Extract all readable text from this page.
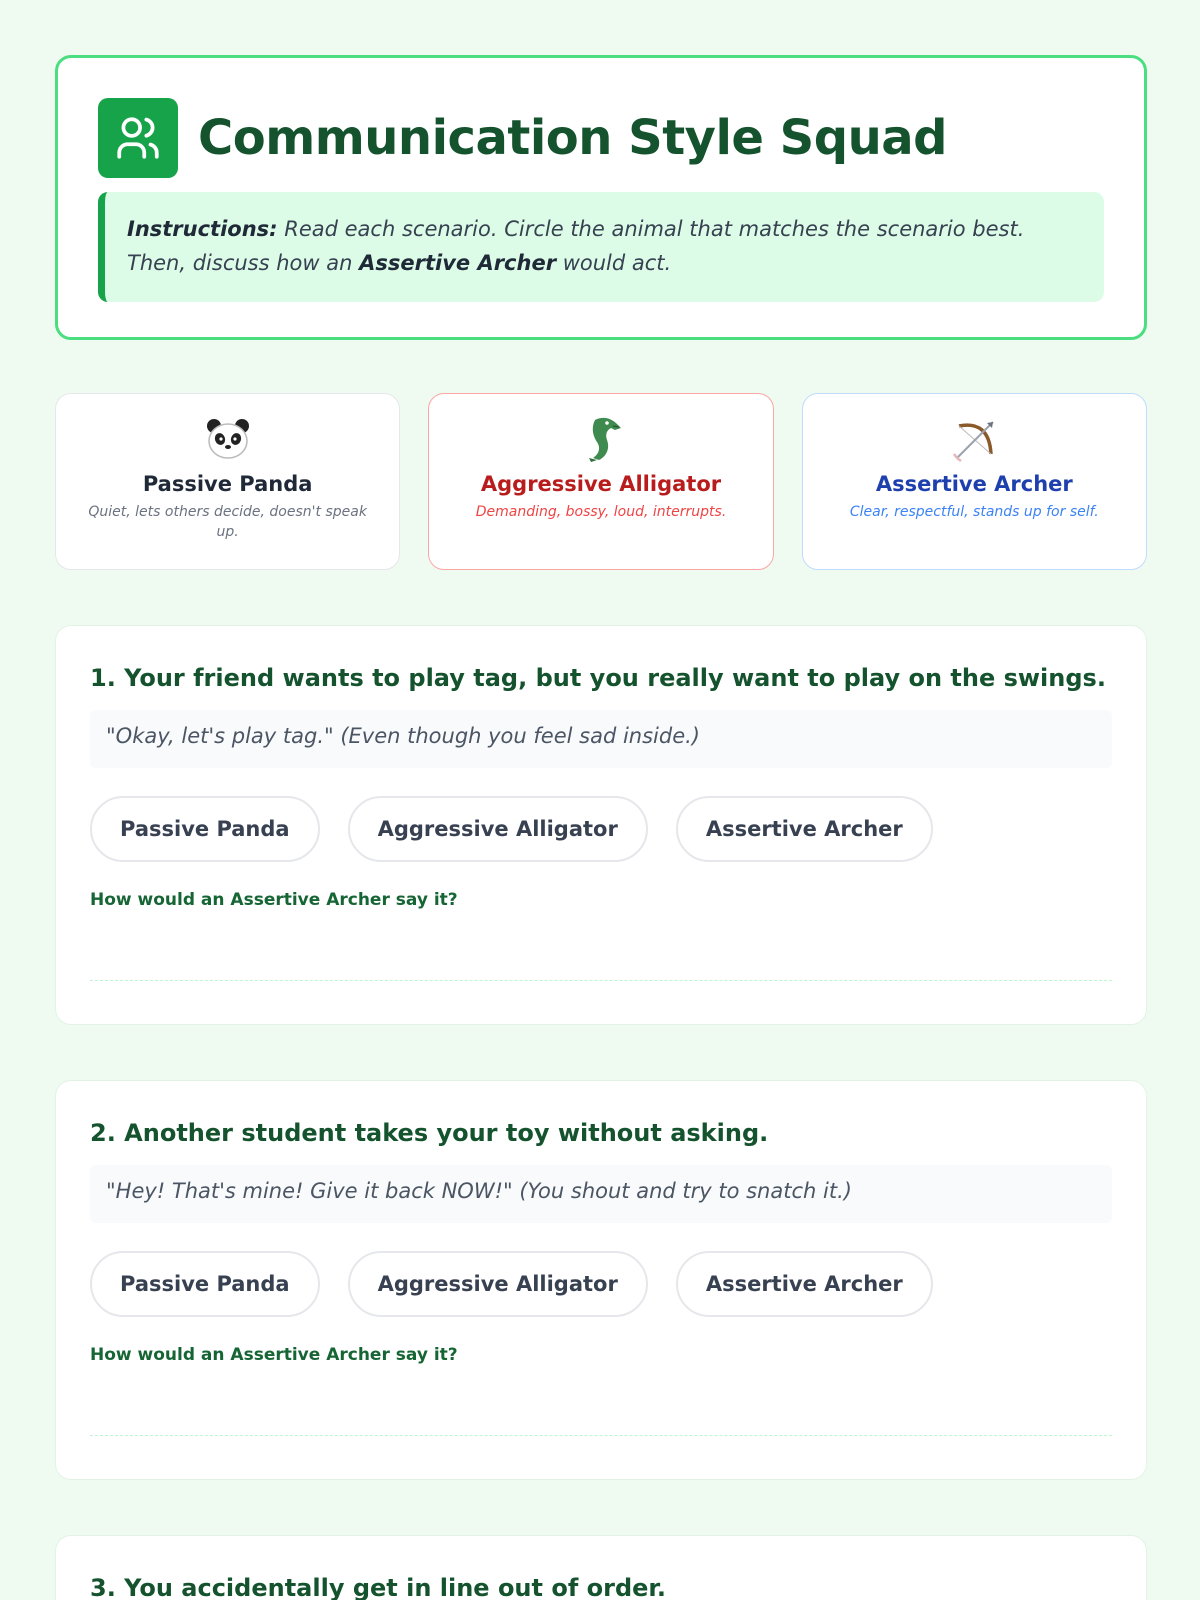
Communication Style Squad
Instructions: Read each scenario. Circle the animal that matches the scenario best. Then, discuss how an Assertive Archer would act.
Passive Panda
Quiet, lets others decide, doesn't speak up.
Aggressive Alligator
Demanding, bossy, loud, interrupts.
Assertive Archer
Clear, respectful, stands up for self.
1. Your friend wants to play tag, but you really want to play on the swings.
"Okay, let's play tag." (Even though you feel sad inside.)
Passive Panda	Aggressive Alligator	Assertive Archer
How would an Assertive Archer say it?
2. Another student takes your toy without asking.
"Hey! That's mine! Give it back NOW!" (You shout and try to snatch it.)
Passive Panda	Aggressive Alligator	Assertive Archer
How would an Assertive Archer say it?
3. You accidentally get in line out of order.
